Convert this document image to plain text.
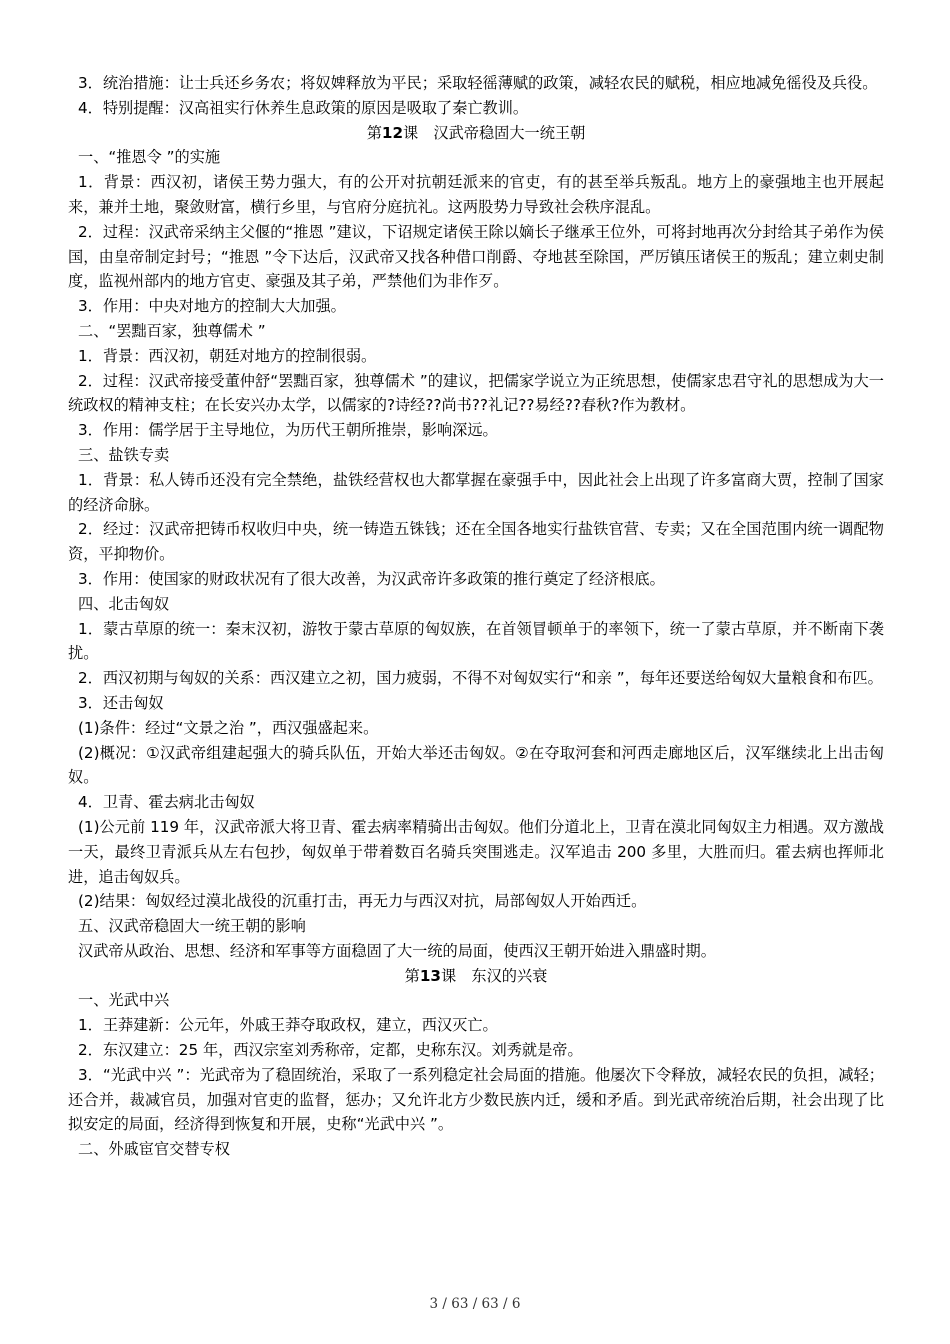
3．统治措施：让士兵还乡务农；将奴婢释放为平民；采取轻徭薄赋的政策，减轻农民的赋税，相应地减免徭役及兵役。
4．特别提醒：汉高祖实行休养生息政策的原因是吸取了秦亡教训。
第12课　汉武帝稳固大一统王朝
一、“推恩令 ”的实施
1．背景：西汉初，诸侯王势力强大，有的公开对抗朝廷派来的官吏，有的甚至举兵叛乱。地方上的豪强地主也开展起来，兼并土地，聚敛财富，横行乡里，与官府分庭抗礼。这两股势力导致社会秩序混乱。
2．过程：汉武帝采纳主父偃的“推恩 ”建议，下诏规定诸侯王除以嫡长子继承王位外，可将封地再次分封给其子弟作为侯国，由皇帝制定封号；“推恩 ”令下达后，汉武帝又找各种借口削爵、夺地甚至除国，严厉镇压诸侯王的叛乱；建立刺史制度，监视州部内的地方官吏、豪强及其子弟，严禁他们为非作歹。
3．作用：中央对地方的控制大大加强。
二、“罢黜百家，独尊儒术 ”
1．背景：西汉初，朝廷对地方的控制很弱。
2．过程：汉武帝接受董仲舒“罢黜百家，独尊儒术 ”的建议，把儒家学说立为正统思想，使儒家忠君守礼的思想成为大一统政权的精神支柱；在长安兴办太学，以儒家的?诗经??尚书??礼记??易经??春秋?作为教材。
3．作用：儒学居于主导地位，为历代王朝所推崇，影响深远。
三、盐铁专卖
1．背景：私人铸币还没有完全禁绝，盐铁经营权也大都掌握在豪强手中，因此社会上出现了许多富商大贾，控制了国家的经济命脉。
2．经过：汉武帝把铸币权收归中央，统一铸造五铢钱；还在全国各地实行盐铁官营、专卖；又在全国范围内统一调配物资，平抑物价。
3．作用：使国家的财政状况有了很大改善，为汉武帝许多政策的推行奠定了经济根底。
四、北击匈奴
1．蒙古草原的统一：秦末汉初，游牧于蒙古草原的匈奴族，在首领冒顿单于的率领下，统一了蒙古草原，并不断南下袭扰。
2．西汉初期与匈奴的关系：西汉建立之初，国力疲弱，不得不对匈奴实行“和亲 ”，每年还要送给匈奴大量粮食和布匹。
3．还击匈奴
(1)条件：经过“文景之治 ”，西汉强盛起来。
(2)概况：①汉武帝组建起强大的骑兵队伍，开始大举还击匈奴。②在夺取河套和河西走廊地区后，汉军继续北上出击匈奴。
4．卫青、霍去病北击匈奴
(1)公元前 119 年，汉武帝派大将卫青、霍去病率精骑出击匈奴。他们分道北上，卫青在漠北同匈奴主力相遇。双方激战一天，最终卫青派兵从左右包抄，匈奴单于带着数百名骑兵突围逃走。汉军追击 200 多里，大胜而归。霍去病也挥师北进，追击匈奴兵。
(2)结果：匈奴经过漠北战役的沉重打击，再无力与西汉对抗，局部匈奴人开始西迁。
五、汉武帝稳固大一统王朝的影响
汉武帝从政治、思想、经济和军事等方面稳固了大一统的局面，使西汉王朝开始进入鼎盛时期。
第13课　东汉的兴衰
一、光武中兴
1．王莽建新：公元年，外戚王莽夺取政权，建立，西汉灭亡。
2．东汉建立：25 年，西汉宗室刘秀称帝，定都，史称东汉。刘秀就是帝。
3．“光武中兴 ”：光武帝为了稳固统治，采取了一系列稳定社会局面的措施。他屡次下令释放，减轻农民的负担，减轻；还合并，裁减官员，加强对官吏的监督，惩办；又允许北方少数民族内迁，缓和矛盾。到光武帝统治后期，社会出现了比拟安定的局面，经济得到恢复和开展，史称“光武中兴 ”。
二、外戚宦官交替专权
3 / 63 / 63 / 6
